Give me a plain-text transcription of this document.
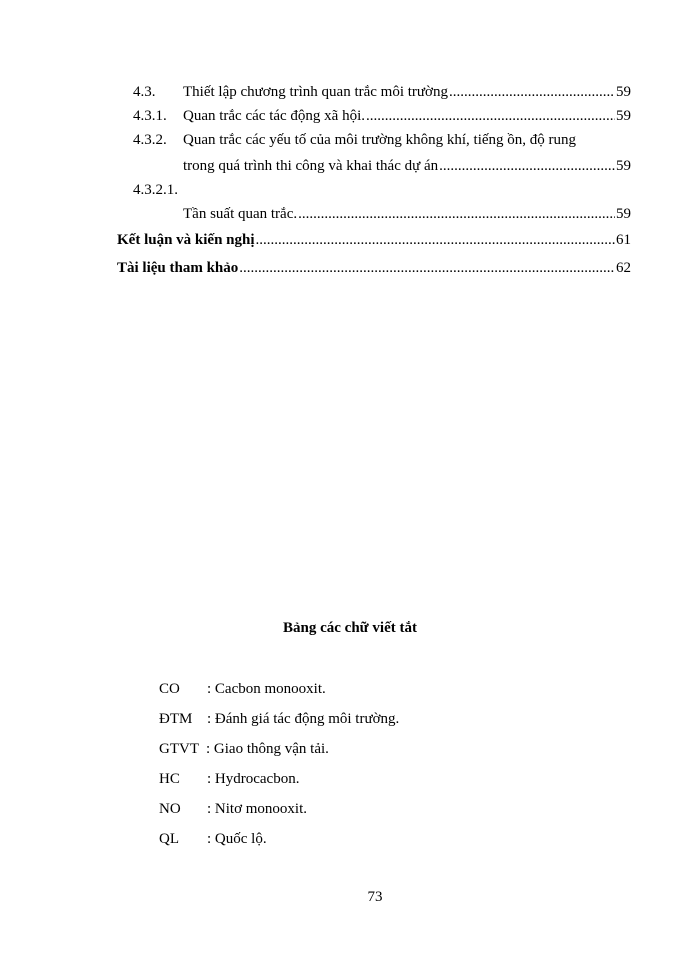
4.3. Thiết lập chương trình quan trắc môi trường .....	59
4.3.1. Quan trắc các tác động xã hội. .....	59
4.3.2. Quan trắc các yếu tố của môi trường không khí, tiếng ồn, độ rung
trong quá trình thi công và khai thác dự án .....	59
4.3.2.1.
Tần suất quan trắc. .....	59
Kết luận và kiến nghị .....	61
Tài liệu tham khảo .....	62
Bảng các chữ viết tắt
CO : Cacbon monooxit.
ĐTM : Đánh giá tác động môi trường.
GTVT : Giao thông vận tải.
HC : Hydrocacbon.
NO : Nitơ monooxit.
QL : Quốc lộ.
73
